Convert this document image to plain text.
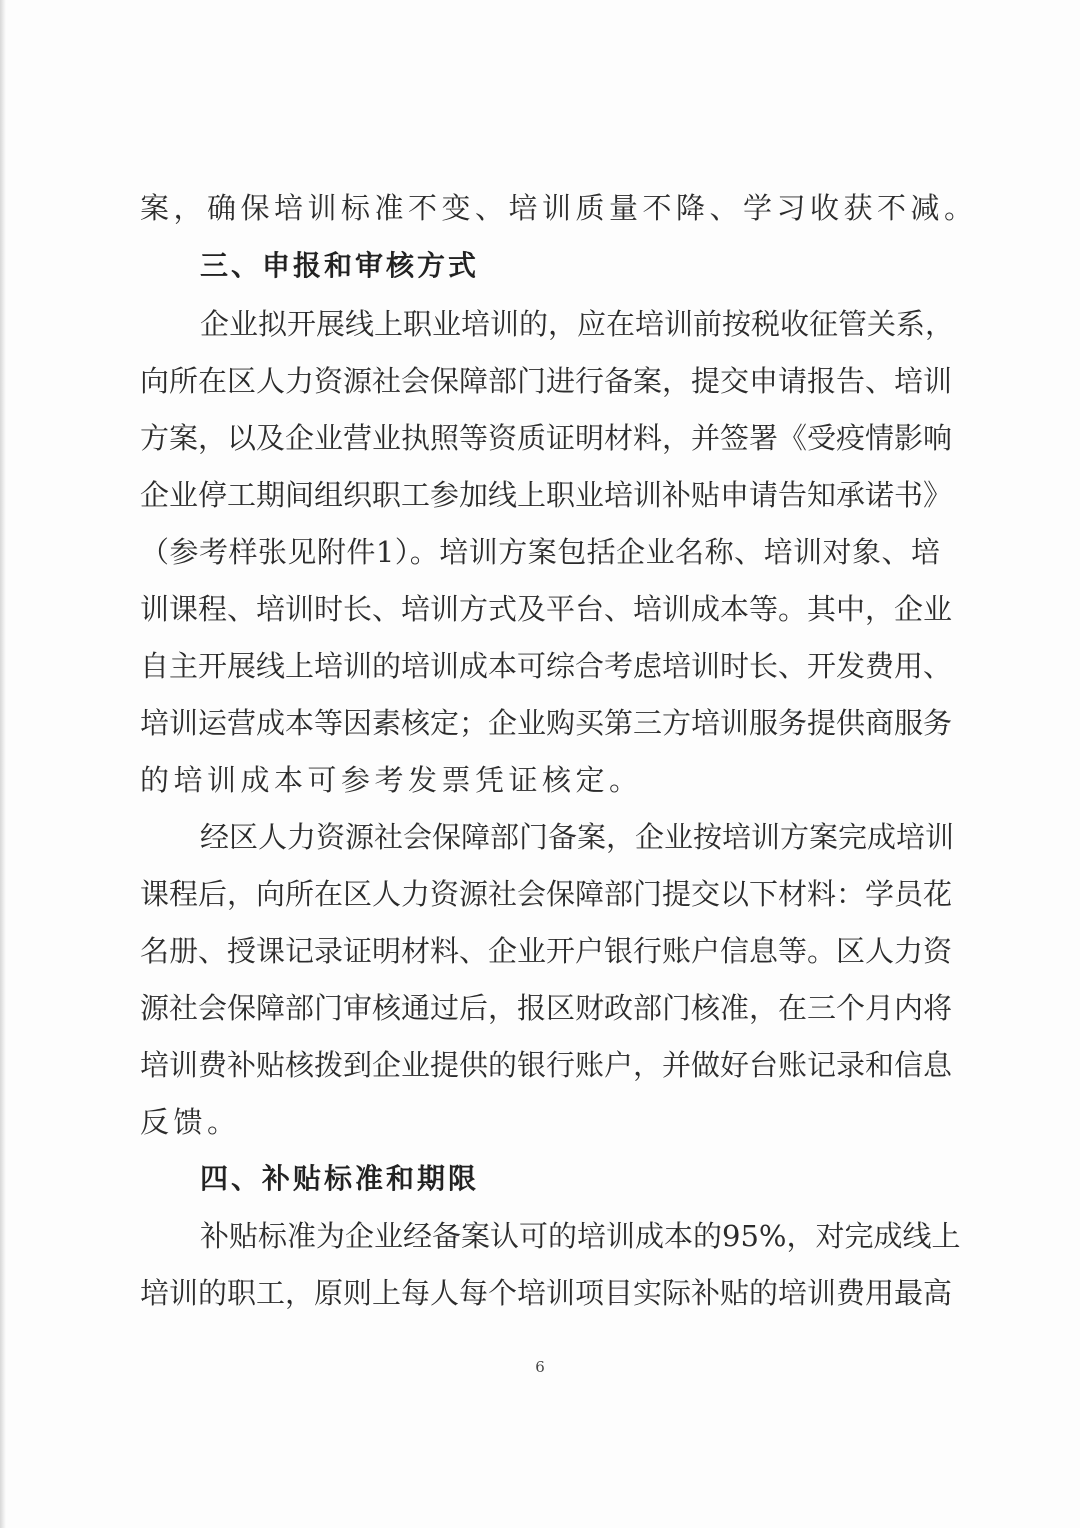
案，确保培训标准不变、培训质量不降、学习收获不减。
三、申报和审核方式
企业拟开展线上职业培训的，应在培训前按税收征管关系，
向所在区人力资源社会保障部门进行备案，提交申请报告、培训
方案，以及企业营业执照等资质证明材料，并签署《受疫情影响
企业停工期间组织职工参加线上职业培训补贴申请告知承诺书》
（参考样张见附件1）。培训方案包括企业名称、培训对象、培
训课程、培训时长、培训方式及平台、培训成本等。其中，企业
自主开展线上培训的培训成本可综合考虑培训时长、开发费用、
培训运营成本等因素核定；企业购买第三方培训服务提供商服务
的培训成本可参考发票凭证核定。
经区人力资源社会保障部门备案，企业按培训方案完成培训
课程后，向所在区人力资源社会保障部门提交以下材料：学员花
名册、授课记录证明材料、企业开户银行账户信息等。区人力资
源社会保障部门审核通过后，报区财政部门核准，在三个月内将
培训费补贴核拨到企业提供的银行账户，并做好台账记录和信息
反馈。
四、补贴标准和期限
补贴标准为企业经备案认可的培训成本的95%，对完成线上
培训的职工，原则上每人每个培训项目实际补贴的培训费用最高
6
